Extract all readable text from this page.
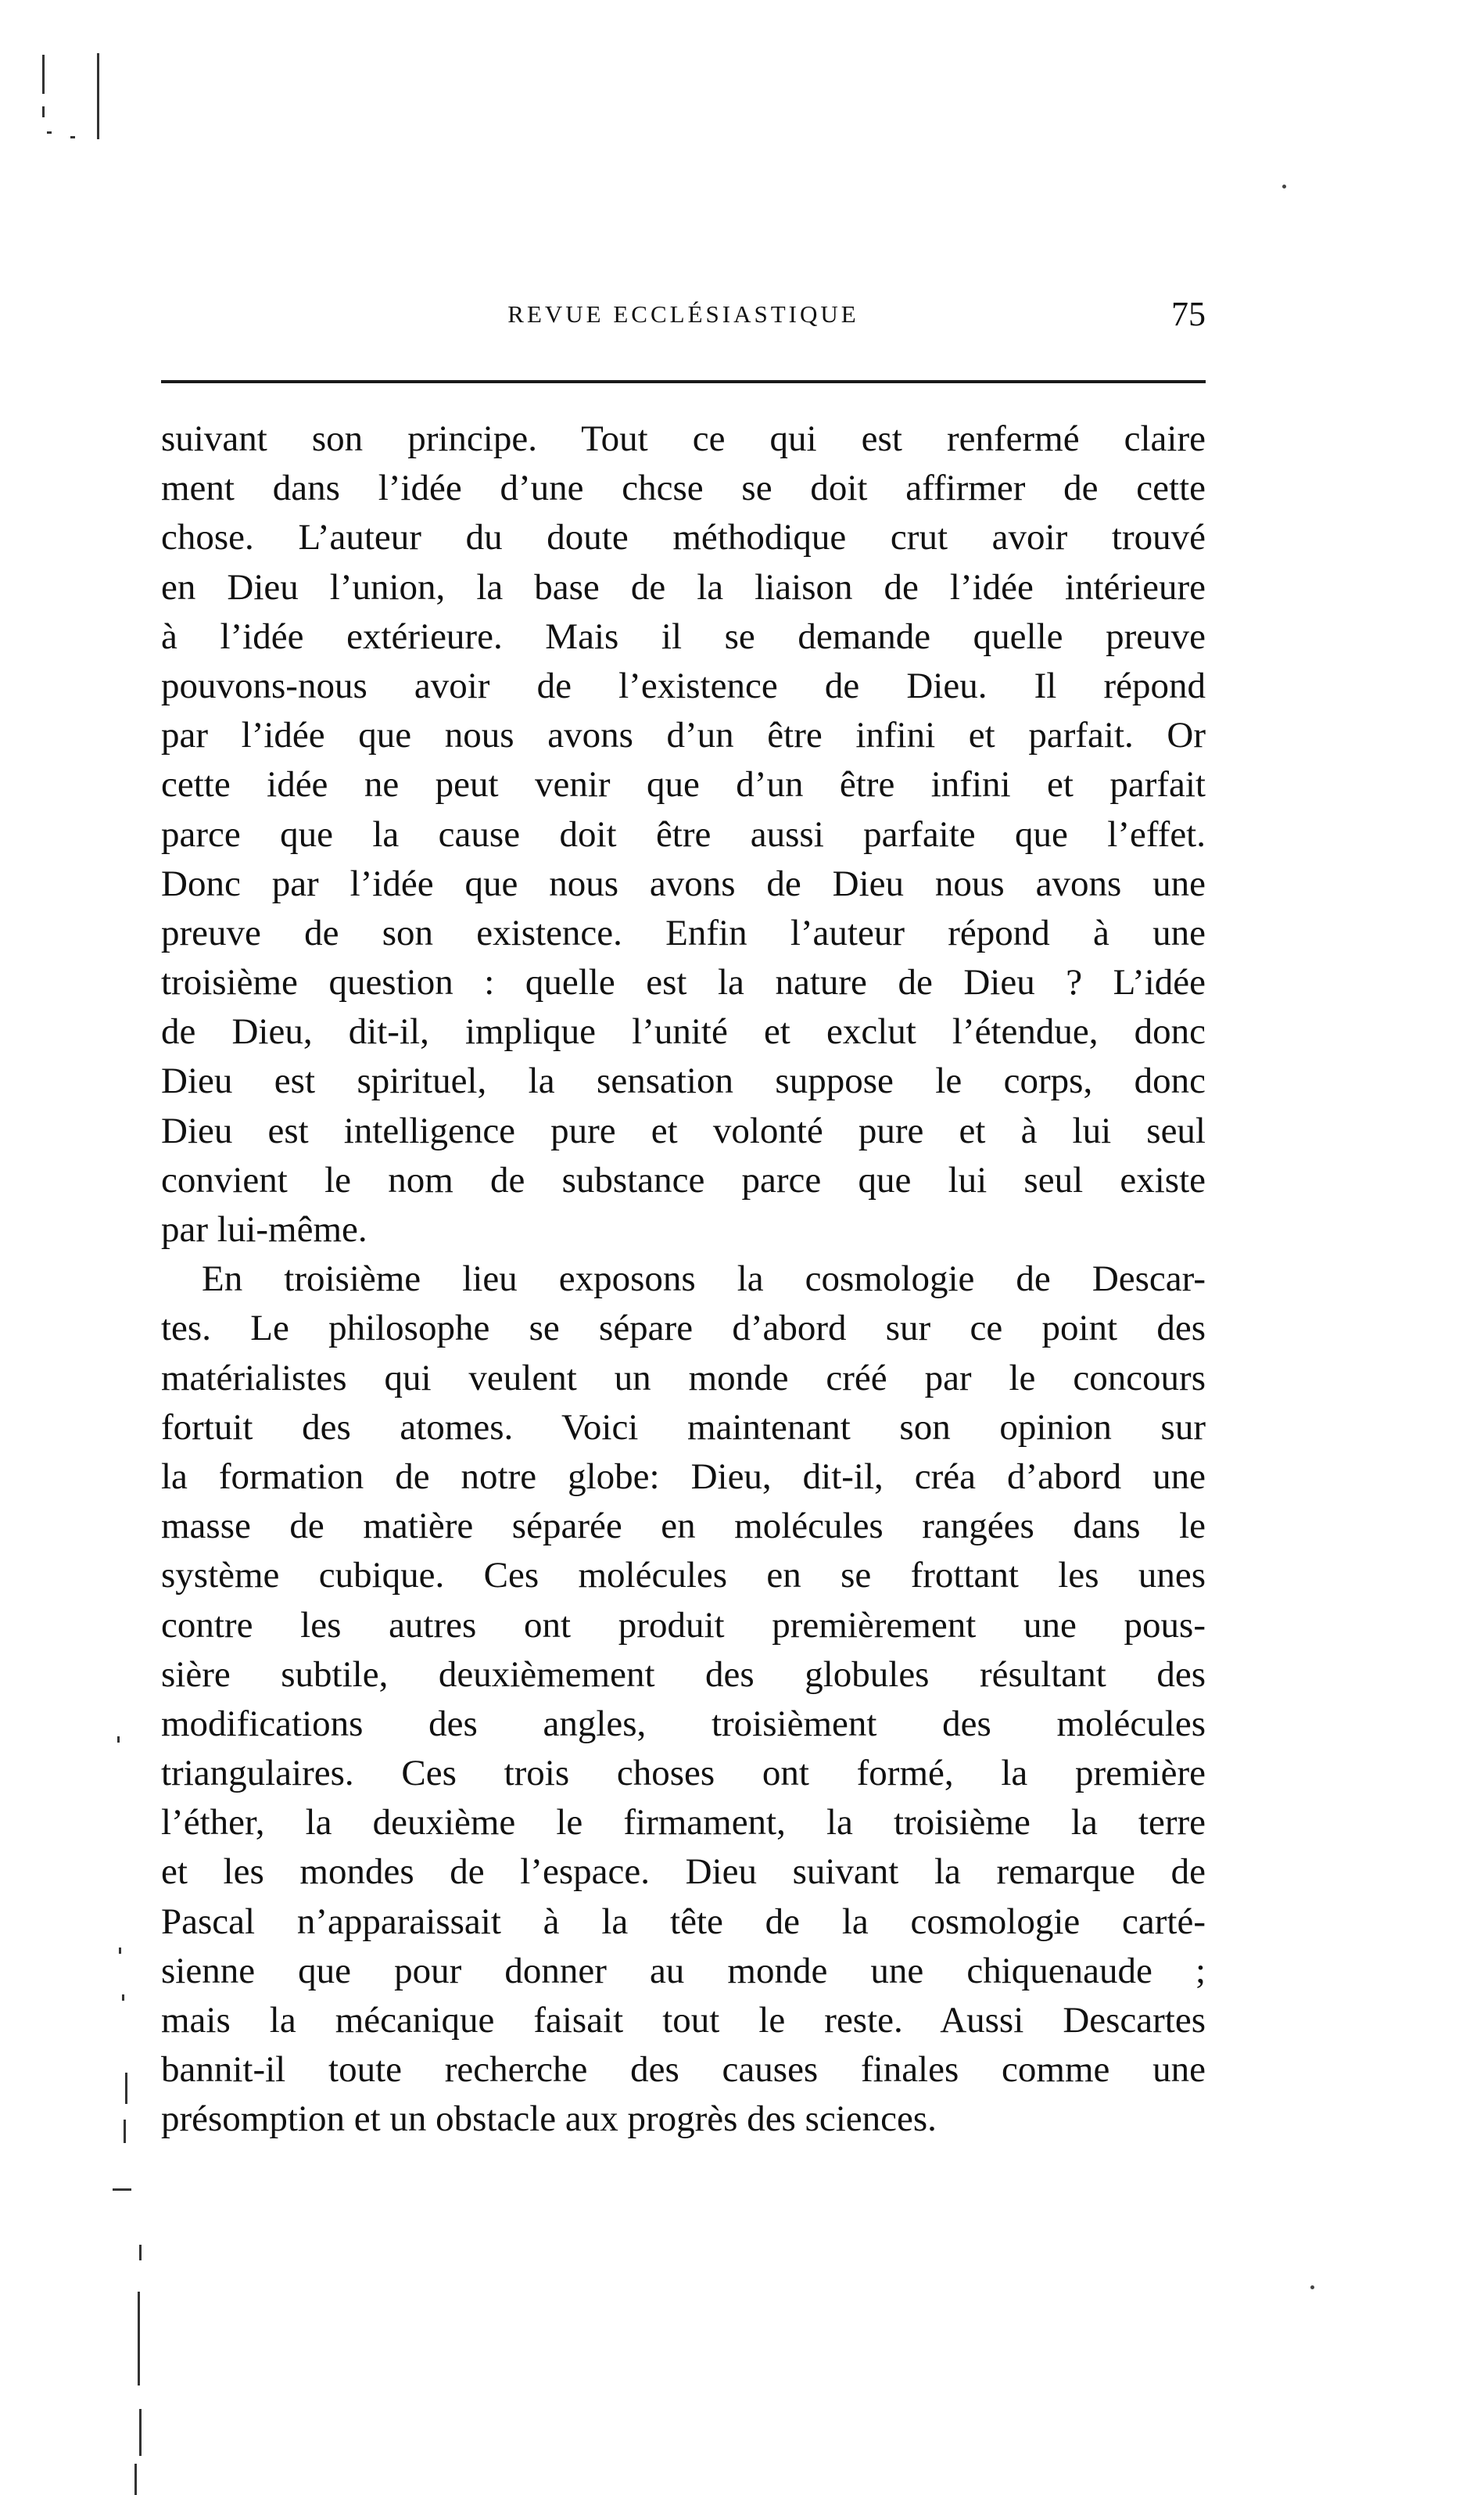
REVUE ECCLÉSIASTIQUE	75
suivant son principe. Tout ce qui est renfermé claire
ment dans l’idée d’une chcse se doit affirmer de cette
chose. L’auteur du doute méthodique crut avoir trouvé
en Dieu l’union, la base de la liaison de l’idée intérieure
à l’idée extérieure. Mais il se demande quelle preuve
pouvons-nous avoir de l’existence de Dieu. Il répond
par l’idée que nous avons d’un être infini et parfait. Or
cette idée ne peut venir que d’un être infini et parfait
parce que la cause doit être aussi parfaite que l’effet.
Donc par l’idée que nous avons de Dieu nous avons une
preuve de son existence. Enfin l’auteur répond à une
troisième question : quelle est la nature de Dieu ? L’idée
de Dieu, dit-il, implique l’unité et exclut l’étendue, donc
Dieu est spirituel, la sensation suppose le corps, donc
Dieu est intelligence pure et volonté pure et à lui seul
convient le nom de substance parce que lui seul existe
par lui-même.
En troisième lieu exposons la cosmologie de Descar-
tes. Le philosophe se sépare d’abord sur ce point des
matérialistes qui veulent un monde créé par le concours
fortuit des atomes. Voici maintenant son opinion sur
la formation de notre globe: Dieu, dit-il, créa d’abord une
masse de matière séparée en molécules rangées dans le
système cubique. Ces molécules en se frottant les unes
contre les autres ont produit premièrement une pous-
sière subtile, deuxièmement des globules résultant des
modifications des angles, troisièment des molécules
triangulaires. Ces trois choses ont formé, la première
l’éther, la deuxième le firmament, la troisième la terre
et les mondes de l’espace. Dieu suivant la remarque de
Pascal n’apparaissait à la tête de la cosmologie carté-
sienne que pour donner au monde une chiquenaude ;
mais la mécanique faisait tout le reste. Aussi Descartes
bannit-il toute recherche des causes finales comme une
présomption et un obstacle aux progrès des sciences.
